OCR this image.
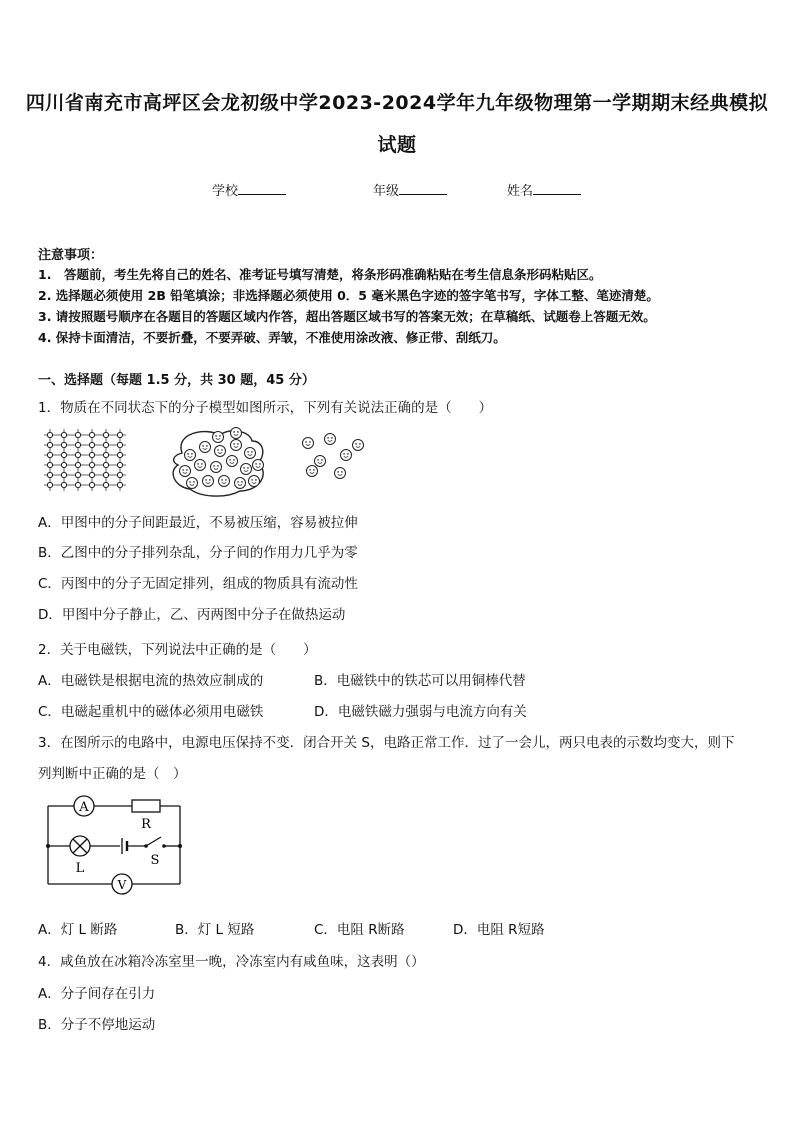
四川省南充市高坪区会龙初级中学2023-2024学年九年级物理第一学期期末经典模拟
试题
学校	年级	姓名
注意事项：
1.　答题前，考生先将自己的姓名、准考证号填写清楚，将条形码准确粘贴在考生信息条形码粘贴区。
2. 选择题必须使用 2B 铅笔填涂；非选择题必须使用 0．5 毫米黑色字迹的签字笔书写，字体工整、笔迹清楚。
3. 请按照题号顺序在各题目的答题区域内作答，超出答题区域书写的答案无效；在草稿纸、试题卷上答题无效。
4. 保持卡面清洁，不要折叠，不要弄破、弄皱，不准使用涂改液、修正带、刮纸刀。
一、选择题（每题 1.5 分，共 30 题，45 分）
1．物质在不同状态下的分子模型如图所示，下列有关说法正确的是（　　）
A．甲图中的分子间距最近，不易被压缩，容易被拉伸
B．乙图中的分子排列杂乱，分子间的作用力几乎为零
C．丙图中的分子无固定排列，组成的物质具有流动性
D．甲图中分子静止，乙、丙两图中分子在做热运动
2．关于电磁铁，下列说法中正确的是（　　）
A．电磁铁是根据电流的热效应制成的	B．电磁铁中的铁芯可以用铜棒代替
C．电磁起重机中的磁体必须用电磁铁	D．电磁铁磁力强弱与电流方向有关
3．在图所示的电路中，电源电压保持不变．闭合开关 S，电路正常工作．过了一会儿，两只电表的示数均变大，则下
列判断中正确的是（　）
A
R
L
S
V
A．灯 L 断路	B．灯 L 短路	C．电阻 R断路	D．电阻 R短路
4．咸鱼放在冰箱冷冻室里一晚，冷冻室内有咸鱼味，这表明（）
A．分子间存在引力
B．分子不停地运动
